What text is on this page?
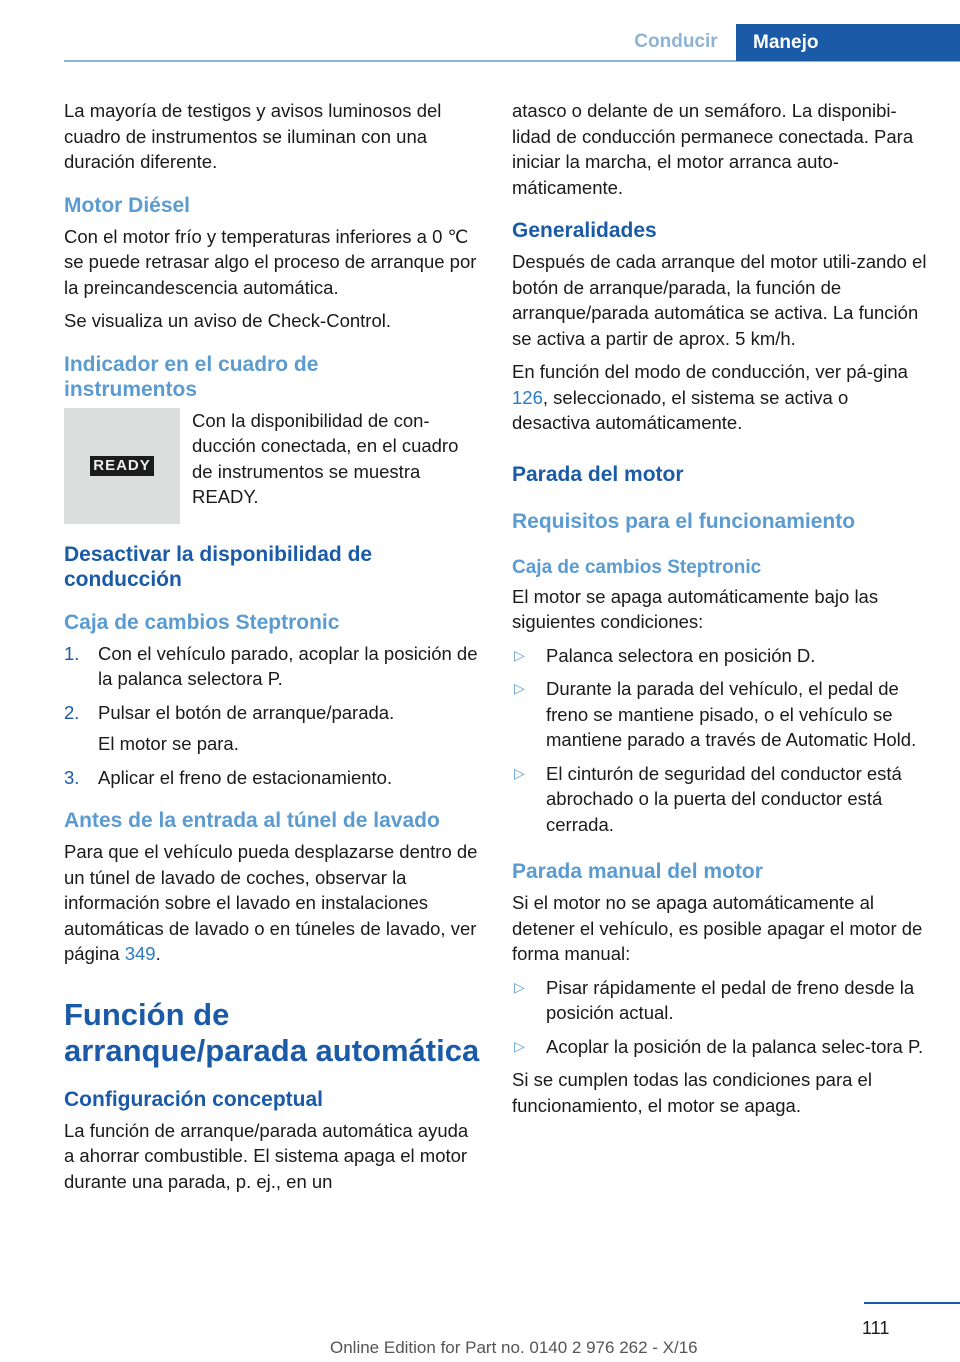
Conducir	Manejo

La mayoría de testigos y avisos luminosos del cuadro de instrumentos se iluminan con una duración diferente.

Motor Diésel

Con el motor frío y temperaturas inferiores a 0 ℃ se puede retrasar algo el proceso de arranque por la preincandescencia automática.

Se visualiza un aviso de Check-Control.

Indicador en el cuadro de instrumentos
READY
Con la disponibilidad de con-ducción conectada, en el cuadro de instrumentos se muestra READY.
Desactivar la disponibilidad de conducción
Caja de cambios Steptronic
1. Con el vehículo parado, acoplar la posición de la palanca selectora P.
2. Pulsar el botón de arranque/parada.
El motor se para.
3. Aplicar el freno de estacionamiento.
Antes de la entrada al túnel de lavado

Para que el vehículo pueda desplazarse dentro de un túnel de lavado de coches, observar la información sobre el lavado en instalaciones automáticas de lavado o en túneles de lavado, ver página 349.

Función de arranque/parada automática
Configuración conceptual

La función de arranque/parada automática ayuda a ahorrar combustible. El sistema apaga el motor durante una parada, p. ej., en un

atasco o delante de un semáforo. La disponibi-lidad de conducción permanece conectada. Para iniciar la marcha, el motor arranca auto-máticamente.

Generalidades

Después de cada arranque del motor utili-zando el botón de arranque/parada, la función de arranque/parada automática se activa. La función se activa a partir de aprox. 5 km/h.

En función del modo de conducción, ver pá-gina 126, seleccionado, el sistema se activa o desactiva automáticamente.

Parada del motor
Requisitos para el funcionamiento
Caja de cambios Steptronic

El motor se apaga automáticamente bajo las siguientes condiciones:

▷ Palanca selectora en posición D.
▷ Durante la parada del vehículo, el pedal de freno se mantiene pisado, o el vehículo se mantiene parado a través de Automatic Hold.
▷ El cinturón de seguridad del conductor está abrochado o la puerta del conductor está cerrada.
Parada manual del motor

Si el motor no se apaga automáticamente al detener el vehículo, es posible apagar el motor de forma manual:

▷ Pisar rápidamente el pedal de freno desde la posición actual.
▷ Acoplar la posición de la palanca selec-tora P.

Si se cumplen todas las condiciones para el funcionamiento, el motor se apaga.

111
Online Edition for Part no. 0140 2 976 262 - X/16
